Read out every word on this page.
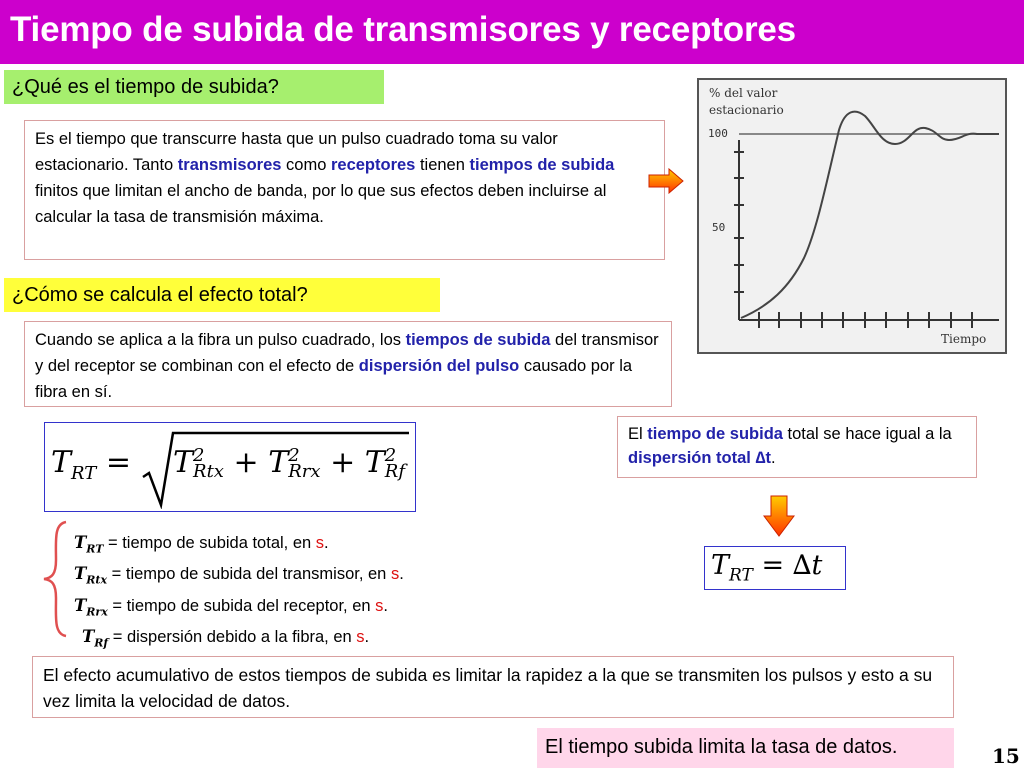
Tiempo de subida de transmisores y receptores
¿Qué es el tiempo de subida?
Es el tiempo que transcurre hasta que un pulso cuadrado toma su valor estacionario. Tanto transmisores como receptores tienen tiempos de subida finitos que limitan el ancho de banda, por lo que sus efectos deben incluirse al calcular la tasa de transmisión máxima.
% del valor
estacionario
100
50
Tiempo
¿Cómo se calcula el efecto total?
Cuando se aplica a la fibra un pulso cuadrado, los tiempos de subida del transmisor y del receptor se combinan con el efecto de dispersión del pulso causado por la fibra en sí.
$T_{RT} = T$ 2
Rtx + T 2
Rrx + T 2
Rf
$T_{RT}$ = tiempo de subida total, en s.
$T_{Rtx}$ = tiempo de subida del transmisor, en s.
$T_{Rrx}$ = tiempo de subida del receptor, en s.
$T_{Rf}$ = dispersión debido a la fibra, en s.
El tiempo de subida total se hace igual a la dispersión total ∆t.
$T_{RT} = \Delta t$
El efecto acumulativo de estos tiempos de subida es limitar la rapidez a la que se transmiten los pulsos y esto a su vez limita la velocidad de datos.
El tiempo subida limita la tasa de datos.	15
